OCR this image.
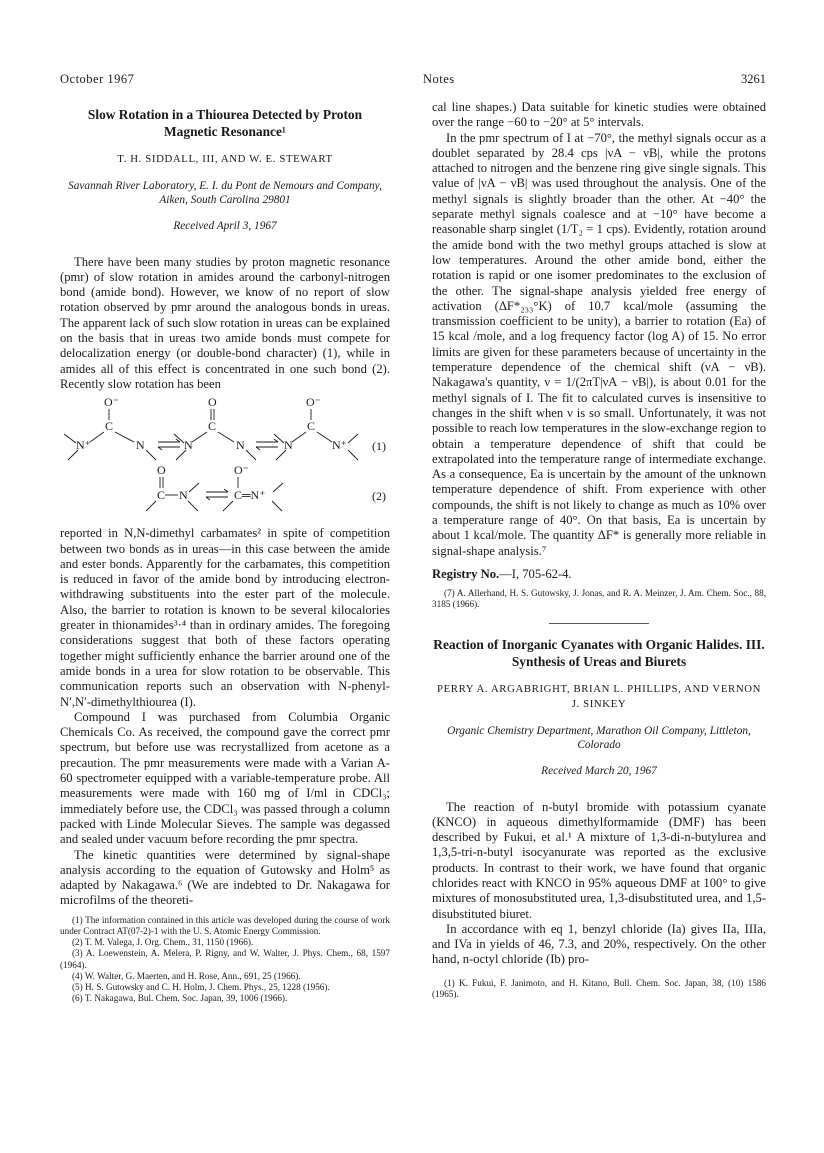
October 1967	Notes	3261
Slow Rotation in a Thiourea Detected by Proton Magnetic Resonance¹
T. H. SIDDALL, III, AND W. E. STEWART
Savannah River Laboratory, E. I. du Pont de Nemours and Company, Aiken, South Carolina 29801
Received April 3, 1967

There have been many studies by proton magnetic resonance (pmr) of slow rotation in amides around the carbonyl-nitrogen bond (amide bond). However, we know of no report of slow rotation observed by pmr around the analogous bonds in ureas. The apparent lack of such slow rotation in ureas can be explained on the basis that in ureas two amide bonds must compete for delocalization energy (or double-bond character) (1), while in amides all of this effect is concentrated in one such bond (2). Recently slow rotation has been

O⁻
C
N⁺	N
O
C
N	N
O⁻
C
N	N⁺ (1)
O
C N
O⁻
C═N⁺	(2)

reported in N,N-dimethyl carbamates² in spite of competition between two bonds as in ureas—in this case between the amide and ester bonds. Apparently for the carbamates, this competition is reduced in favor of the amide bond by introducing electron-withdrawing substituents into the ester part of the molecule. Also, the barrier to rotation is known to be several kilocalories greater in thionamides³·⁴ than in ordinary amides. The foregoing considerations suggest that both of these factors operating together might sufficiently enhance the barrier around one of the amide bonds in a urea for slow rotation to be observable. This communication reports such an observation with N-phenyl-N′,N′-dimethylthiourea (I).

Compound I was purchased from Columbia Organic Chemicals Co. As received, the compound gave the correct pmr spectrum, but before use was recrystallized from acetone as a precaution. The pmr measurements were made with a Varian A-60 spectrometer equipped with a variable-temperature probe. All measurements were made with 160 mg of I/ml in CDCl₃; immediately before use, the CDCl₃ was passed through a column packed with Linde Molecular Sieves. The sample was degassed and sealed under vacuum before recording the pmr spectra.

The kinetic quantities were determined by signal-shape analysis according to the equation of Gutowsky and Holm⁵ as adapted by Nakagawa.⁶ (We are indebted to Dr. Nakagawa for microfilms of the theoreti-

(1) The information contained in this article was developed during the course of work under Contract AT(07-2)-1 with the U. S. Atomic Energy Commission.
(2) T. M. Valega, J. Org. Chem., 31, 1150 (1966).
(3) A. Loewenstein, A. Melera, P. Rigny, and W. Walter, J. Phys. Chem., 68, 1597 (1964).
(4) W. Walter, G. Maerten, and H. Rose, Ann., 691, 25 (1966).
(5) H. S. Gutowsky and C. H. Holm, J. Chem. Phys., 25, 1228 (1956).
(6) T. Nakagawa, Bul. Chem. Soc. Japan, 39, 1006 (1966).

cal line shapes.) Data suitable for kinetic studies were obtained over the range −60 to −20° at 5° intervals.

In the pmr spectrum of I at −70°, the methyl signals occur as a doublet separated by 28.4 cps |νA − νB|, while the protons attached to nitrogen and the benzene ring give single signals. This value of |νA − νB| was used throughout the analysis. One of the methyl signals is slightly broader than the other. At −40° the separate methyl signals coalesce and at −10° have become a reasonable sharp singlet (1/T₂ = 1 cps). Evidently, rotation around the amide bond with the two methyl groups attached is slow at low temperatures. Around the other amide bond, either the rotation is rapid or one isomer predominates to the exclusion of the other. The signal-shape analysis yielded free energy of activation (ΔF*₂₃₃°K) of 10.7 kcal/mole (assuming the transmission coefficient to be unity), a barrier to rotation (Ea) of 15 kcal /mole, and a log frequency factor (log A) of 15. No error limits are given for these parameters because of uncertainty in the temperature dependence of the chemical shift (νA − νB). Nakagawa's quantity, ν = 1/(2πT|νA − νB|), is about 0.01 for the methyl signals of I. The fit to calculated curves is insensitive to changes in the shift when ν is so small. Unfortunately, it was not possible to reach low temperatures in the slow-exchange region to obtain a temperature dependence of shift that could be extrapolated into the temperature range of intermediate exchange. As a consequence, Ea is uncertain by the amount of the unknown temperature dependence of shift. From experience with other compounds, the shift is not likely to change as much as 10% over a temperature range of 40°. On that basis, Ea is uncertain by about 1 kcal/mole. The quantity ΔF* is generally more reliable in signal-shape analysis.⁷

Registry No.—I, 705-62-4.

(7) A. Allerhand, H. S. Gutowsky, J. Jonas, and R. A. Meinzer, J. Am. Chem. Soc., 88, 3185 (1966).
Reaction of Inorganic Cyanates with Organic Halides. III. Synthesis of Ureas and Biurets
PERRY A. ARGABRIGHT, BRIAN L. PHILLIPS, AND VERNON J. SINKEY
Organic Chemistry Department, Marathon Oil Company, Littleton, Colorado
Received March 20, 1967

The reaction of n-butyl bromide with potassium cyanate (KNCO) in aqueous dimethylformamide (DMF) has been described by Fukui, et al.¹ A mixture of 1,3-di-n-butylurea and 1,3,5-tri-n-butyl isocyanurate was reported as the exclusive products. In contrast to their work, we have found that organic chlorides react with KNCO in 95% aqueous DMF at 100° to give mixtures of monosubstituted urea, 1,3-disubstituted urea, and 1,5-disubstituted biuret.

In accordance with eq 1, benzyl chloride (Ia) gives IIa, IIIa, and IVa in yields of 46, 7.3, and 20%, respectively. On the other hand, n-octyl chloride (Ib) pro-

(1) K. Fukui, F. Janimoto, and H. Kitano, Bull. Chem. Soc. Japan, 38, (10) 1586 (1965).
